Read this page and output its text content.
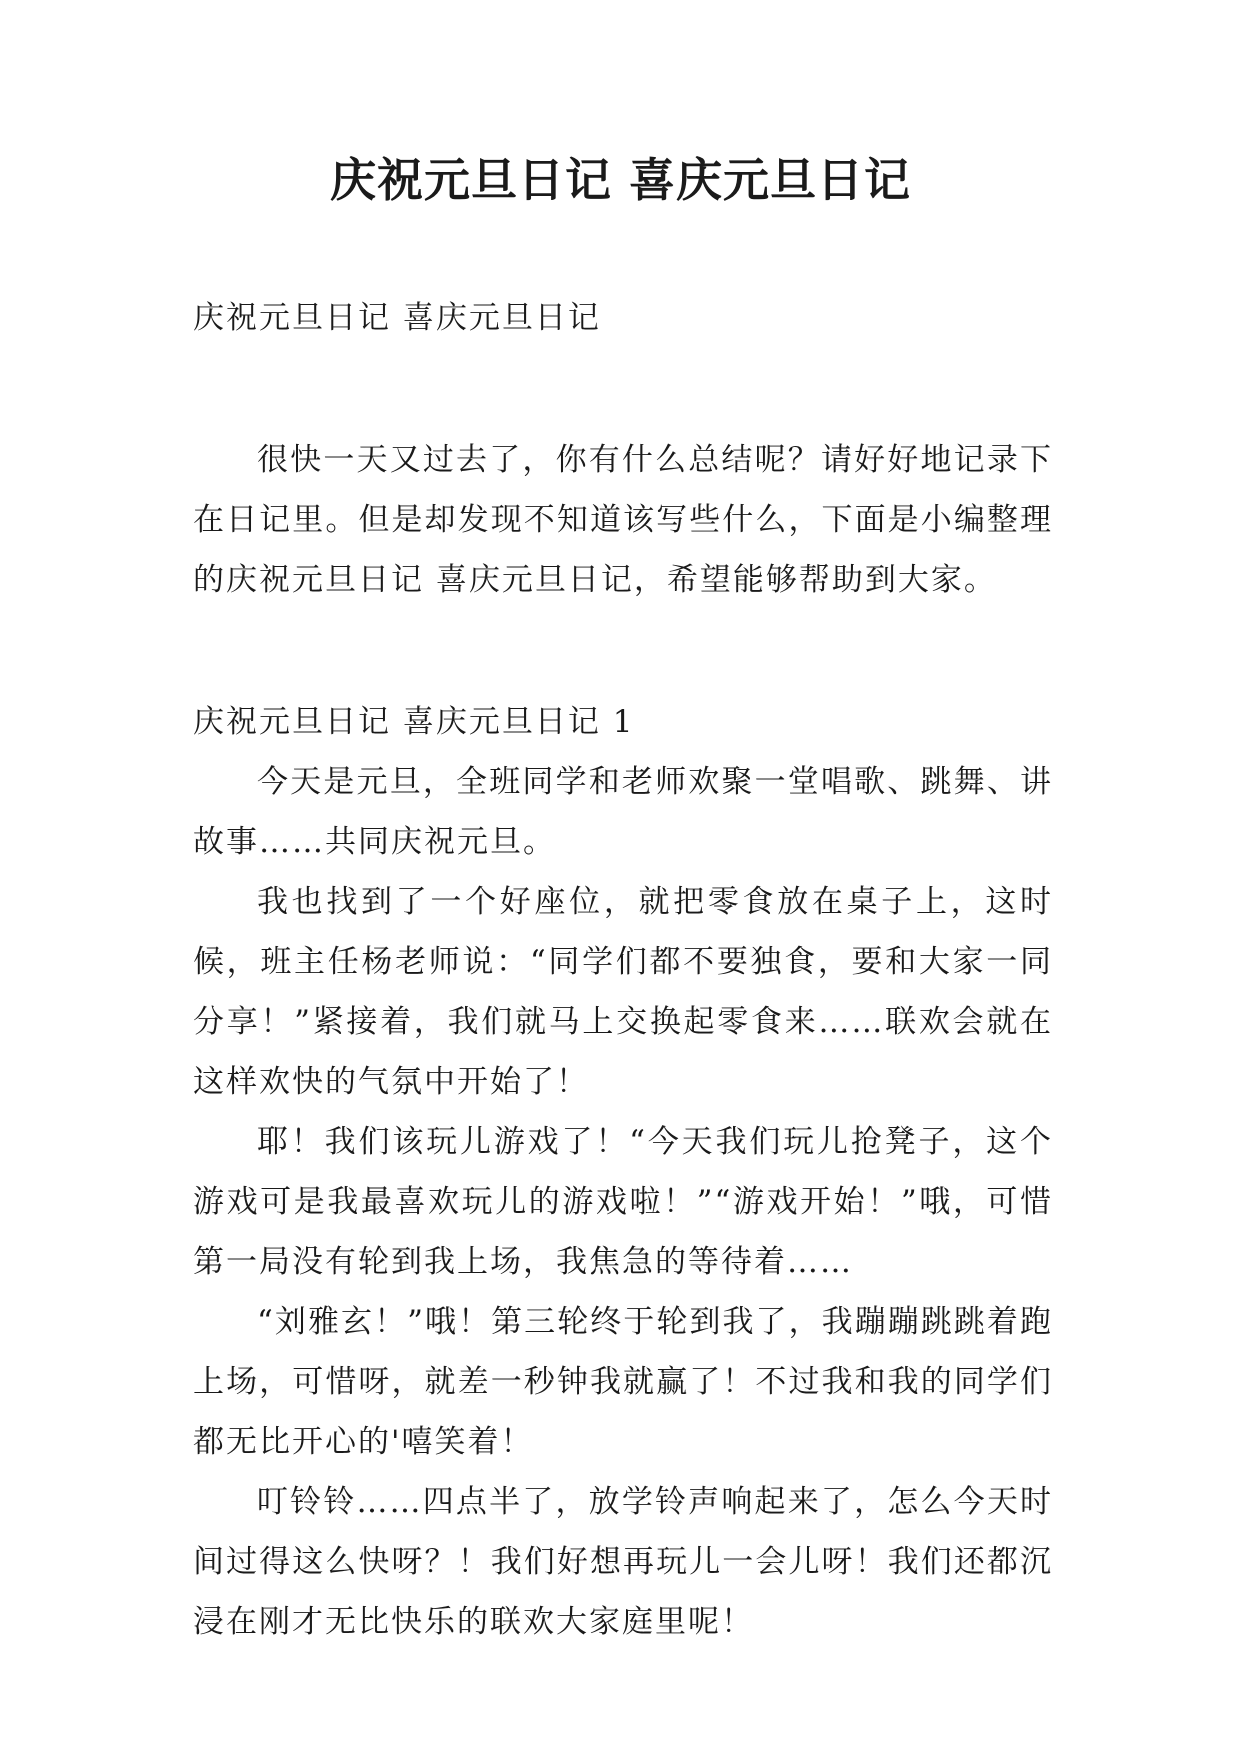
庆祝元旦日记 喜庆元旦日记

庆祝元旦日记 喜庆元旦日记

很快一天又过去了，你有什么总结呢？请好好地记录下在日记里。但是却发现不知道该写些什么，下面是小编整理的庆祝元旦日记 喜庆元旦日记，希望能够帮助到大家。

庆祝元旦日记 喜庆元旦日记 1

今天是元旦，全班同学和老师欢聚一堂唱歌、跳舞、讲故事……共同庆祝元旦。

我也找到了一个好座位，就把零食放在桌子上，这时候，班主任杨老师说：“同学们都不要独食，要和大家一同分享！”紧接着，我们就马上交换起零食来……联欢会就在这样欢快的气氛中开始了！

耶！我们该玩儿游戏了！“今天我们玩儿抢凳子，这个游戏可是我最喜欢玩儿的游戏啦！”“游戏开始！”哦，可惜第一局没有轮到我上场，我焦急的等待着……

“刘雅玄！”哦！第三轮终于轮到我了，我蹦蹦跳跳着跑上场，可惜呀，就差一秒钟我就赢了！不过我和我的同学们都无比开心的'嘻笑着！

叮铃铃……四点半了，放学铃声响起来了，怎么今天时间过得这么快呀？！我们好想再玩儿一会儿呀！我们还都沉浸在刚才无比快乐的联欢大家庭里呢！
